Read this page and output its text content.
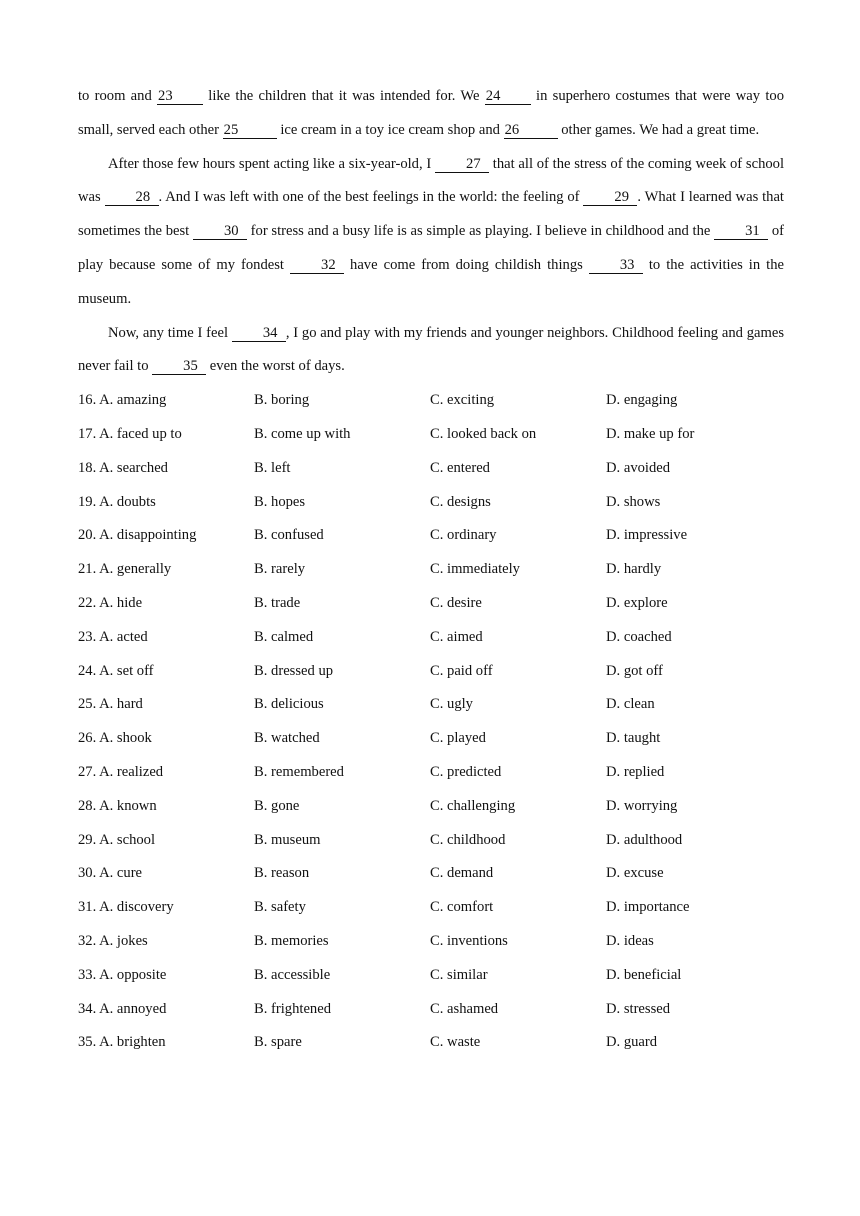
to room and 23 like the children that it was intended for. We 24 in superhero costumes that were way too small, served each other 25	ice cream in a toy ice cream shop and 26	other games. We had a great time.

After those few hours spent acting like a six-year-old, I 27 that all of the stress of the coming week of school was 28 . And I was left with one of the best feelings in the world: the feeling of 29 . What I learned was that sometimes the best 30 for stress and a busy life is as simple as playing. I believe in childhood and the 31 of play because some of my fondest 32 have come from doing childish things 33 to the activities in the museum.

Now, any time I feel 34 , I go and play with my friends and younger neighbors. Childhood feeling and games never fail to 35 even the worst of days.

16. A. amazing	B. boring	C. exciting	D. engaging
17. A. faced up to	B. come up with	C. looked back on	D. make up for
18. A. searched	B. left	C. entered	D. avoided
19. A. doubts	B. hopes	C. designs	D. shows
20. A. disappointing	B. confused	C. ordinary	D. impressive
21. A. generally	B. rarely	C. immediately	D. hardly
22. A. hide	B. trade	C. desire	D. explore
23. A. acted	B. calmed	C. aimed	D. coached
24. A. set off	B. dressed up	C. paid off	D. got off
25. A. hard	B. delicious	C. ugly	D. clean
26. A. shook	B. watched	C. played	D. taught
27. A. realized	B. remembered	C. predicted	D. replied
28. A. known	B. gone	C. challenging	D. worrying
29. A. school	B. museum	C. childhood	D. adulthood
30. A. cure	B. reason	C. demand	D. excuse
31. A. discovery	B. safety	C. comfort	D. importance
32. A. jokes	B. memories	C. inventions	D. ideas
33. A. opposite	B. accessible	C. similar	D. beneficial
34. A. annoyed	B. frightened	C. ashamed	D. stressed
35. A. brighten	B. spare	C. waste	D. guard
